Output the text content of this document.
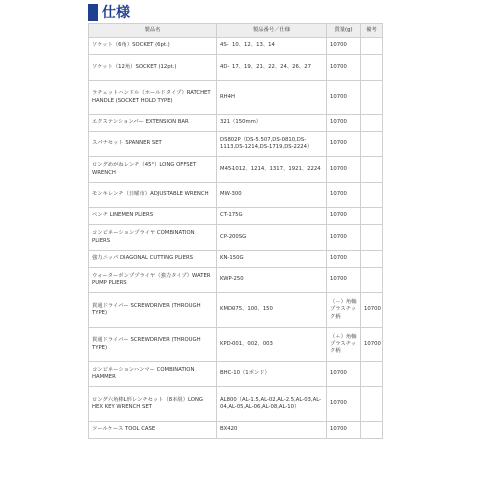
仕様
製品名	製品番号／仕様	質量(g)	備考
ソケット（6角）SOCKET (6pt.)	4S- 10、12、13、14	10700	
ソケット（12角）SOCKET (12pt.)	4D- 17、19、21、22、24、26、27	10700	
ラチェットハンドル（ホールドタイプ）RATCHET HANDLE (SOCKET HOLD TYPE)	RH4H	10700	
エクステンションバー EXTENSION BAR	321（150mm）	10700	
スパナセット SPANNER SET	DS802P（DS-5.507,DS-0810,DS-1113,DS-1214,DS-1719,DS-2224）	10700	
ロングめがねレンチ（45°）LONG OFFSET WRENCH	M45-1012、1214、1317、1921、2224	10700	
モンキレンチ（日曜市）ADJUSTABLE WRENCH	MW-300	10700	
ペンチ LINEMEN PLIERS	CT-175G	10700	
コンビネーションプライヤ COMBINATION PLIERS	CP-200SG	10700	
強力ニッパ DIAGONAL CUTTING PLIERS	KN-150G	10700	
ウォーターポンププライヤ（強力タイプ）WATER PUMP PLIERS	KWP-250	10700	
貫通ドライバー SCREWDRIVER (THROUGH TYPE)	KMD-075、100、150	（－）角軸プラスチック柄	10700
貫通ドライバー SCREWDRIVER (THROUGH TYPE)	KPD-001、002、003	（＋）角軸プラスチック柄	10700
コンビネーションハンマー COMBINATION HAMMER	BHC-10（1ポンド）	10700	
ロング六角棒L形レンチセット（8本組）LONG HEX KEY WRENCH SET	AL800（AL-1.5,AL-02,AL-2.5,AL-03,AL-04,AL-05,AL-06,AL-08,AL-10）	10700	
ツールケース TOOL CASE	BX420	10700	
